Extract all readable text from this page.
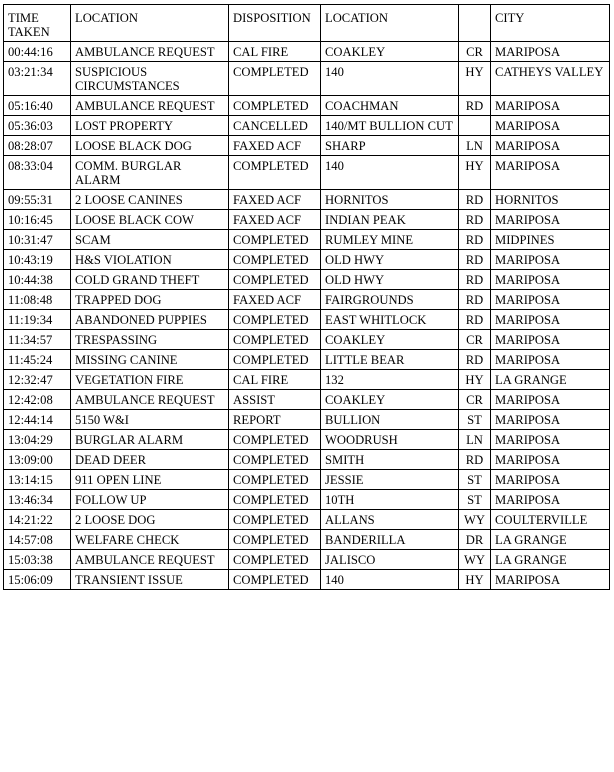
TIME TAKEN	LOCATION	DISPOSITION	LOCATION		CITY
00:44:16	AMBULANCE REQUEST	CAL FIRE	COAKLEY	CR	MARIPOSA
03:21:34	SUSPICIOUS CIRCUMSTANCES	COMPLETED	140	HY	CATHEYS VALLEY
05:16:40	AMBULANCE REQUEST	COMPLETED	COACHMAN	RD	MARIPOSA
05:36:03	LOST PROPERTY	CANCELLED	140/MT BULLION CUT		MARIPOSA
08:28:07	LOOSE BLACK DOG	FAXED ACF	SHARP	LN	MARIPOSA
08:33:04	COMM. BURGLAR ALARM	COMPLETED	140	HY	MARIPOSA
09:55:31	2 LOOSE CANINES	FAXED ACF	HORNITOS	RD	HORNITOS
10:16:45	LOOSE BLACK COW	FAXED ACF	INDIAN PEAK	RD	MARIPOSA
10:31:47	SCAM	COMPLETED	RUMLEY MINE	RD	MIDPINES
10:43:19	H&S VIOLATION	COMPLETED	OLD HWY	RD	MARIPOSA
10:44:38	COLD GRAND THEFT	COMPLETED	OLD HWY	RD	MARIPOSA
11:08:48	TRAPPED DOG	FAXED ACF	FAIRGROUNDS	RD	MARIPOSA
11:19:34	ABANDONED PUPPIES	COMPLETED	EAST WHITLOCK	RD	MARIPOSA
11:34:57	TRESPASSING	COMPLETED	COAKLEY	CR	MARIPOSA
11:45:24	MISSING CANINE	COMPLETED	LITTLE BEAR	RD	MARIPOSA
12:32:47	VEGETATION FIRE	CAL FIRE	132	HY	LA GRANGE
12:42:08	AMBULANCE REQUEST	ASSIST	COAKLEY	CR	MARIPOSA
12:44:14	5150 W&I	REPORT	BULLION	ST	MARIPOSA
13:04:29	BURGLAR ALARM	COMPLETED	WOODRUSH	LN	MARIPOSA
13:09:00	DEAD DEER	COMPLETED	SMITH	RD	MARIPOSA
13:14:15	911 OPEN LINE	COMPLETED	JESSIE	ST	MARIPOSA
13:46:34	FOLLOW UP	COMPLETED	10TH	ST	MARIPOSA
14:21:22	2 LOOSE DOG	COMPLETED	ALLANS	WY	COULTERVILLE
14:57:08	WELFARE CHECK	COMPLETED	BANDERILLA	DR	LA GRANGE
15:03:38	AMBULANCE REQUEST	COMPLETED	JALISCO	WY	LA GRANGE
15:06:09	TRANSIENT ISSUE	COMPLETED	140	HY	MARIPOSA
